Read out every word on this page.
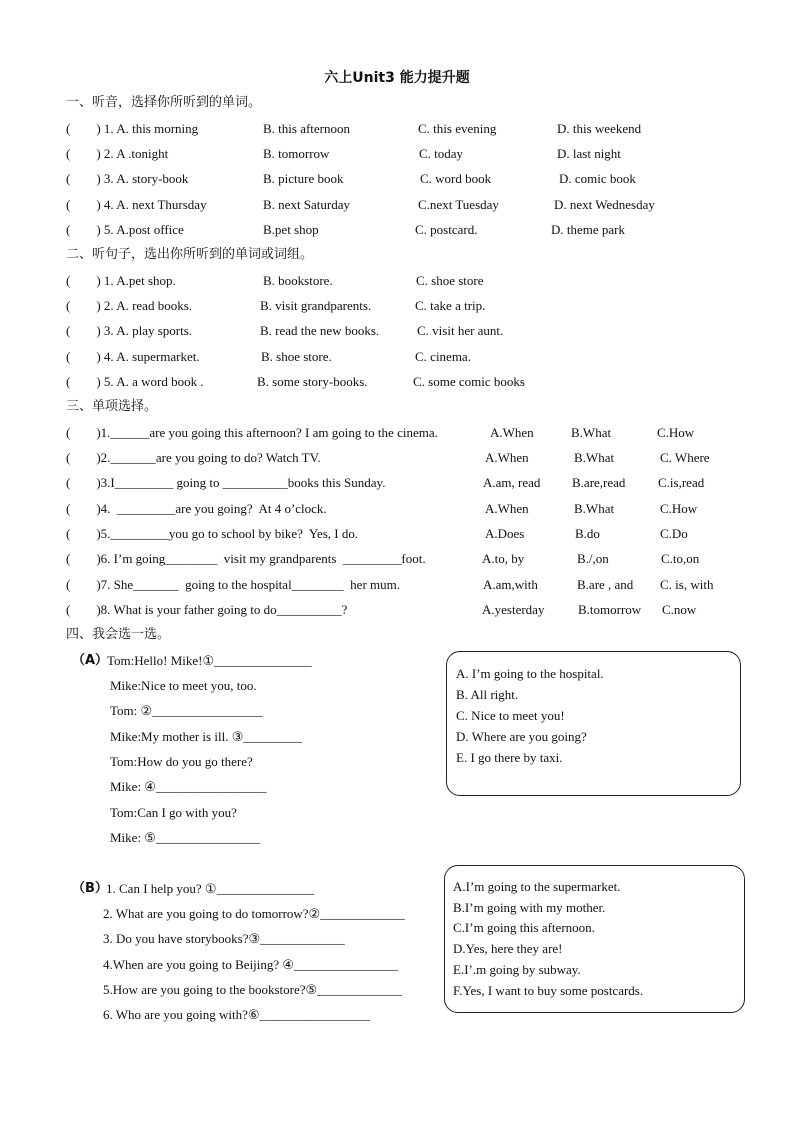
六上Unit3 能力提升题
一、听音，选择你所听到的单词。
(        ) 1. A. this morning	B. this afternoon	C. this evening	D. this weekend
(        ) 2. A .tonight	B. tomorrow	C. today	D. last night
(        ) 3. A. story-book	B. picture book	C. word book	D. comic book
(        ) 4. A. next Thursday	B. next Saturday	C.next Tuesday	D. next Wednesday
(        ) 5. A.post office	B.pet shop	C. postcard.	D. theme park
二、听句子，选出你所听到的单词或词组。
(        ) 1. A.pet shop.	B. bookstore.	C. shoe store
(        ) 2. A. read books.	B. visit grandparents.	C. take a trip.
(        ) 3. A. play sports.	B. read the new books.	C. visit her aunt.
(        ) 4. A. supermarket.	B. shoe store.	C. cinema.
(        ) 5. A. a word book .	B. some story-books.	C. some comic books
三、单项选择。
(        )1.______are you going this afternoon? I am going to the cinema.	A.When	B.What	C.How
(        )2._______are you going to do? Watch TV.	A.When	B.What	C. Where
(        )3.I_________ going to __________books this Sunday.	A.am, read B.are,read	C.is,read
(        )4.  _________are you going?  At 4 o’clock.	A.When	B.What	C.How
(        )5._________you go to school by bike?  Yes, I do.	A.Does	B.do	C.Do
(        )6. I’m going________  visit my grandparents  _________foot.	A.to, by	B./,on	C.to,on
(        )7. She_______  going to the hospital________  her mum.	A.am,with	B.are , and C. is, with
(        )8. What is your father going to do__________?	A.yesterday	B.tomorrow C.now
四、我会选一选。
（A）
Tom:Hello! Mike!①_______________
Mike:Nice to meet you, too.
Tom: ②_________________
Mike:My mother is ill. ③_________
Tom:How do you go there?
Mike: ④_________________
Tom:Can I go with you?
Mike: ⑤________________
A. I’m going to the hospital.
B. All right.
C. Nice to meet you!
D. Where are you going?
E. I go there by taxi.
（B）
1. Can I help you? ①_______________
2. What are you going to do tomorrow?②_____________
3. Do you have storybooks?③_____________
4.When are you going to Beijing? ④________________
5.How are you going to the bookstore?⑤_____________
6. Who are you going with?⑥_________________
A.I’m going to the supermarket.
B.I’m going with my mother.
C.I’m going this afternoon.
D.Yes, here they are!
E.I’.m going by subway.
F.Yes, I want to buy some postcards.
